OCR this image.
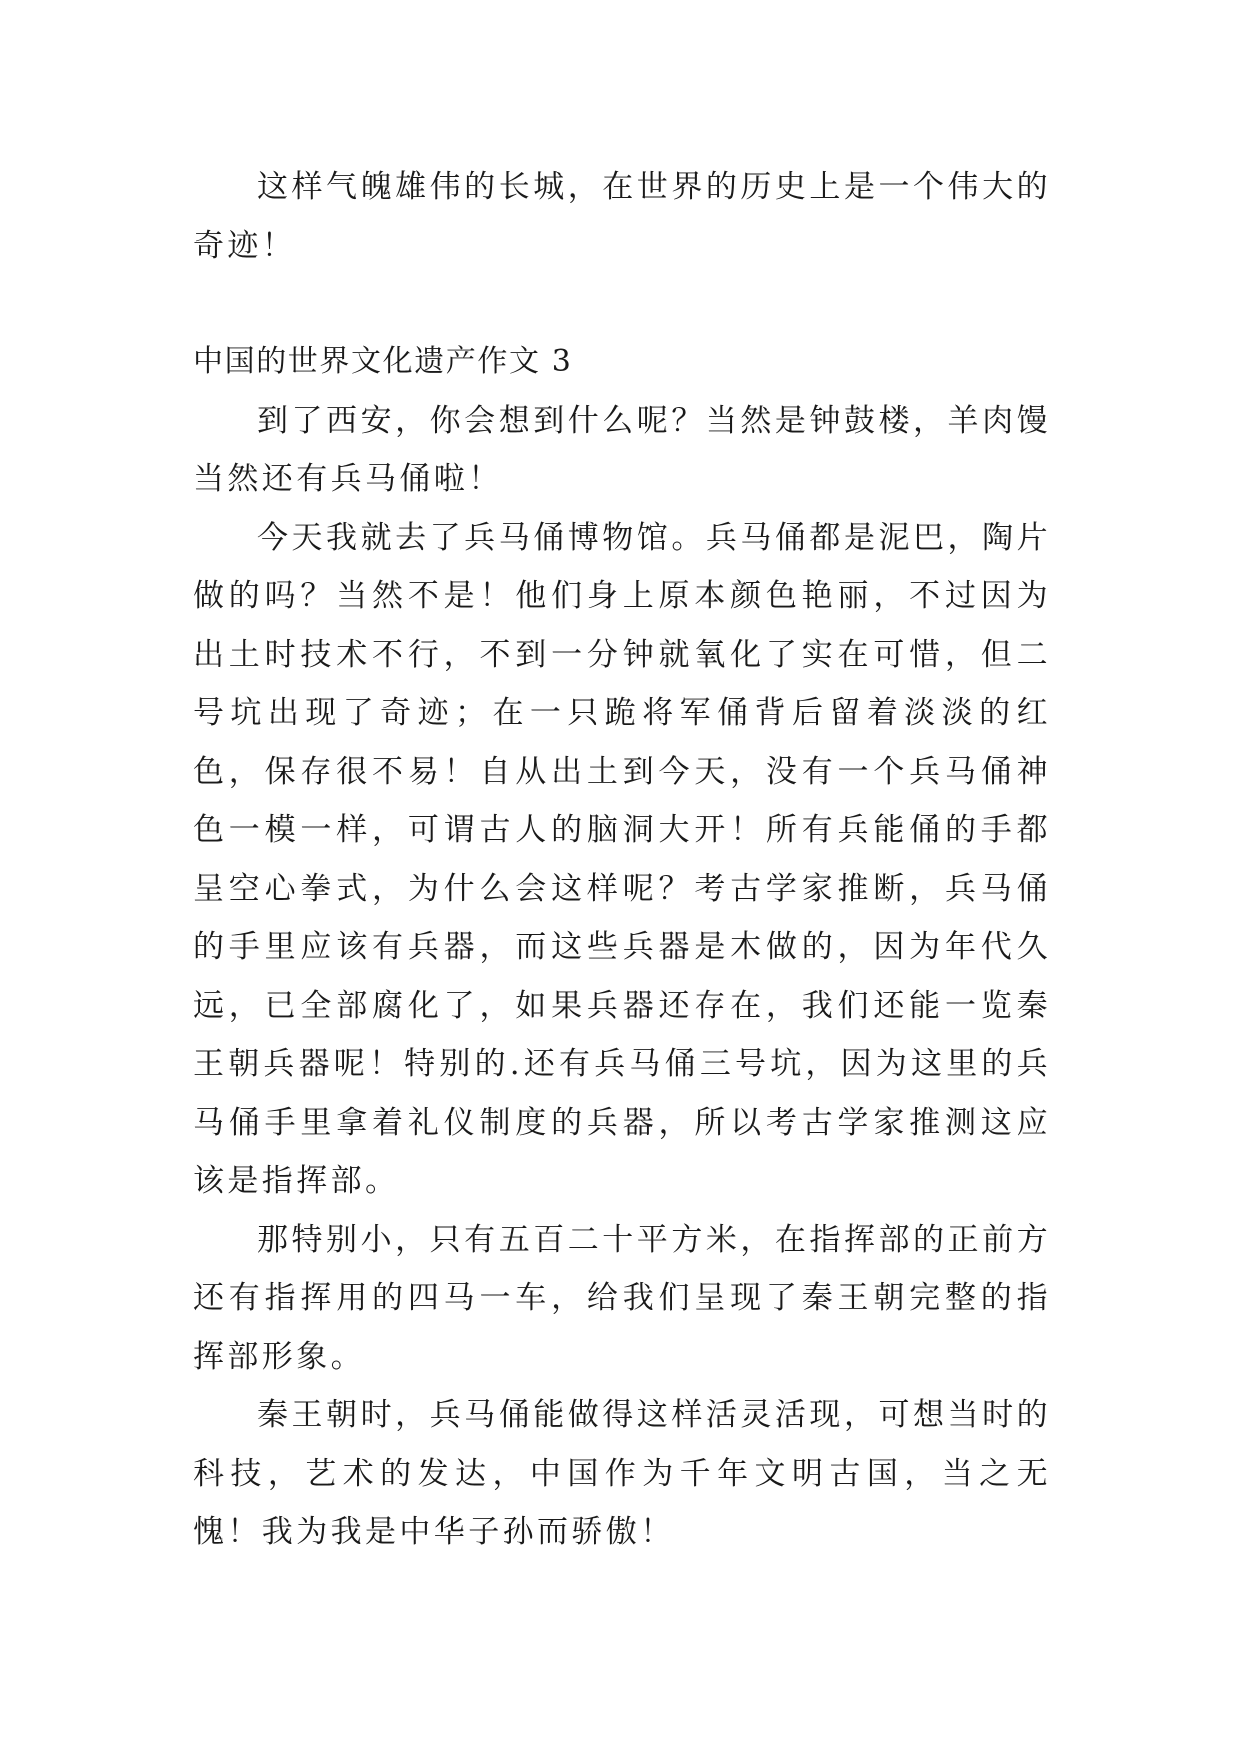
这样气魄雄伟的长城，在世界的历史上是一个伟大的奇迹！

中国的世界文化遗产作文 3

到了西安，你会想到什么呢？当然是钟鼓楼，羊肉馒当然还有兵马俑啦！

今天我就去了兵马俑博物馆。兵马俑都是泥巴，陶片做的吗？当然不是！他们身上原本颜色艳丽，不过因为出土时技术不行，不到一分钟就氧化了实在可惜，但二号坑出现了奇迹；在一只跪将军俑背后留着淡淡的红色，保存很不易！自从出土到今天，没有一个兵马俑神色一模一样，可谓古人的脑洞大开！所有兵能俑的手都呈空心拳式，为什么会这样呢？考古学家推断，兵马俑的手里应该有兵器，而这些兵器是木做的，因为年代久远，已全部腐化了，如果兵器还存在，我们还能一览秦王朝兵器呢！特别的.还有兵马俑三号坑，因为这里的兵马俑手里拿着礼仪制度的兵器，所以考古学家推测这应该是指挥部。

那特别小，只有五百二十平方米，在指挥部的正前方还有指挥用的四马一车，给我们呈现了秦王朝完整的指挥部形象。

秦王朝时，兵马俑能做得这样活灵活现，可想当时的科技，艺术的发达，中国作为千年文明古国，当之无愧！我为我是中华子孙而骄傲！
